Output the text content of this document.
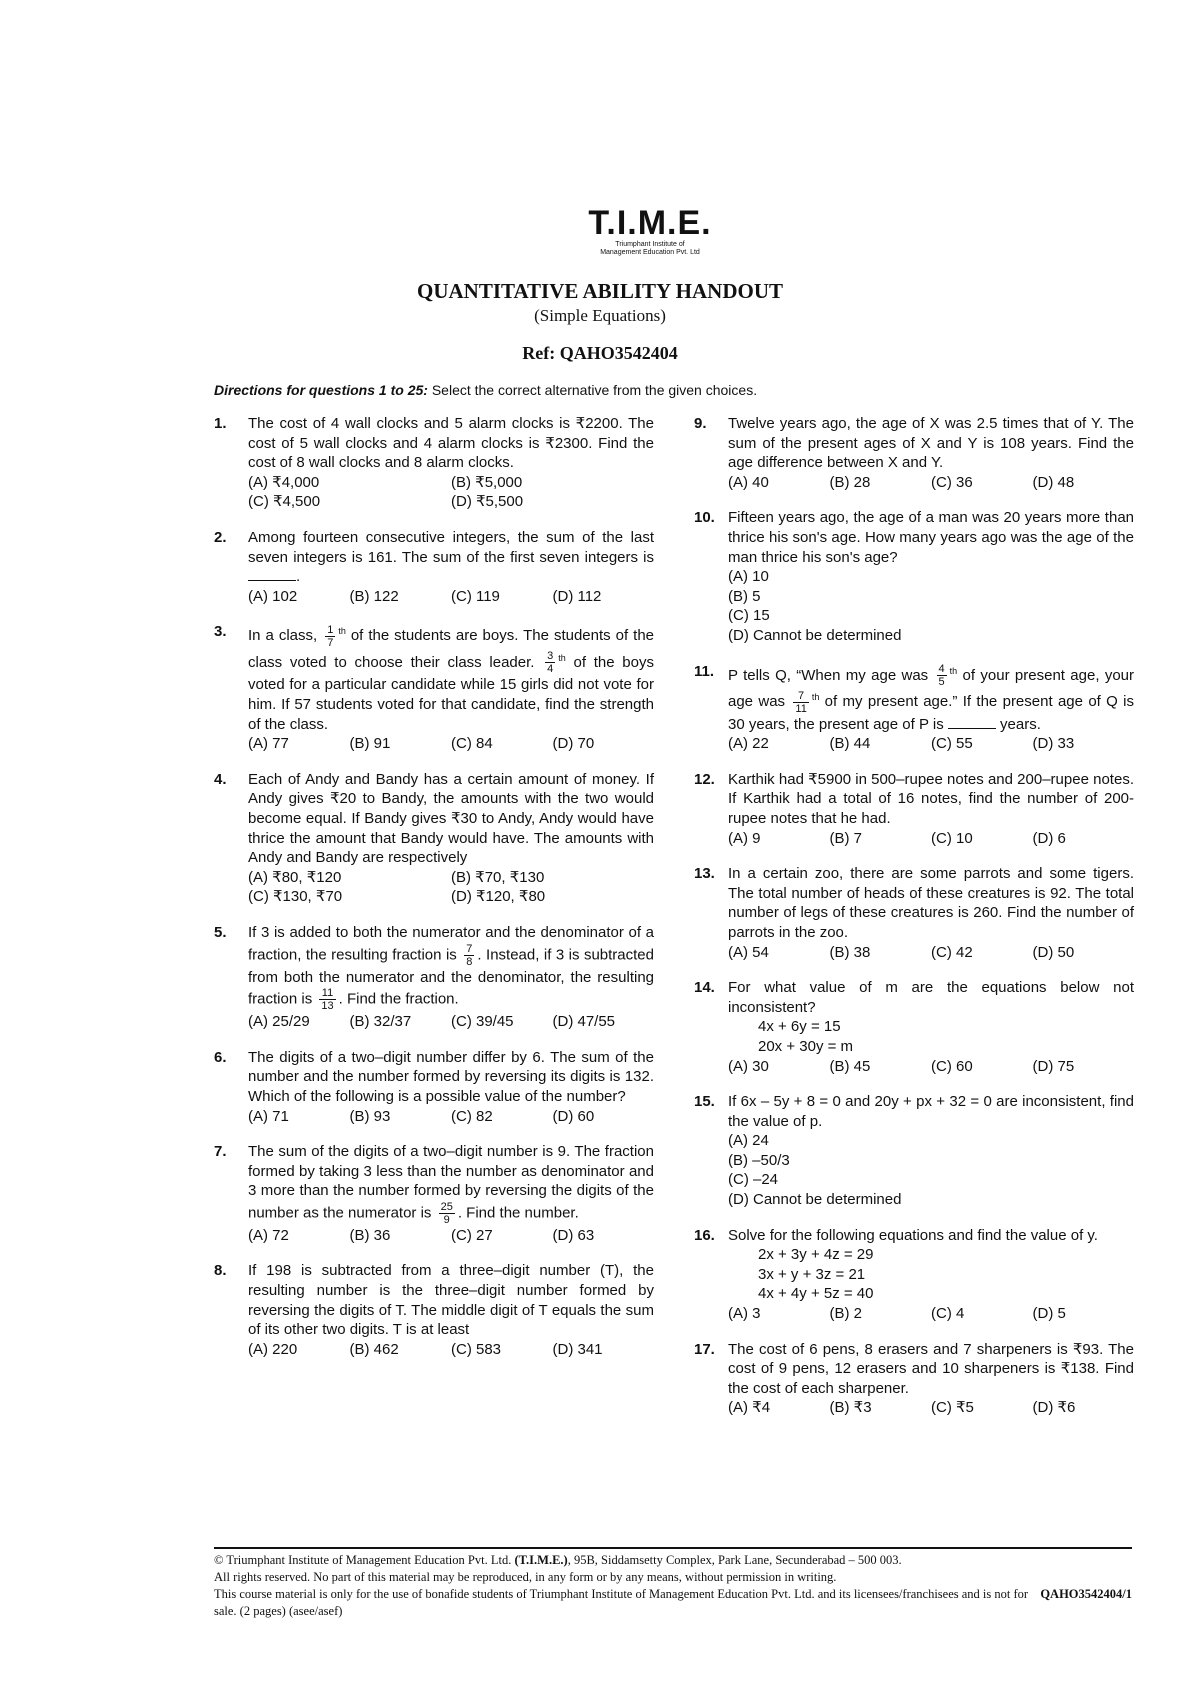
T.I.M.E.
Triumphant Institute of
Management Education Pvt. Ltd
QUANTITATIVE ABILITY HANDOUT
(Simple Equations)
Ref: QAHO3542404
Directions for questions 1 to 25: Select the correct alternative from the given choices.
1. The cost of 4 wall clocks and 5 alarm clocks is ₹2200. The cost of 5 wall clocks and 4 alarm clocks is ₹2300. Find the cost of 8 wall clocks and 8 alarm clocks.
(A) ₹4,000	(B) ₹5,000
(C) ₹4,500	(D) ₹5,500
2. Among fourteen consecutive integers, the sum of the last seven integers is 161. The sum of the first seven integers is .
(A) 102	(B) 122	(C) 119	(D) 112
3. In a class, $\frac{1}{7} ^{th}$ of the students are boys. The students of the class voted to choose their class leader. $\frac{3}{4} ^{th}$ of the boys voted for a particular candidate while 15 girls did not vote for him. If 57 students voted for that candidate, find the strength of the class.
(A) 77	(B) 91	(C) 84	(D) 70
4. Each of Andy and Bandy has a certain amount of money. If Andy gives ₹20 to Bandy, the amounts with the two would become equal. If Bandy gives ₹30 to Andy, Andy would have thrice the amount that Bandy would have. The amounts with Andy and Bandy are respectively
(A) ₹80, ₹120	(B) ₹70, ₹130
(C) ₹130, ₹70	(D) ₹120, ₹80
5. If 3 is added to both the numerator and the denominator of a fraction, the resulting fraction is $\frac{7}{8}$ . Instead, if 3 is subtracted from both the numerator and the denominator, the resulting fraction is $\frac{11}{13}$ . Find the fraction.
(A) 25/29	(B) 32/37	(C) 39/45	(D) 47/55
6. The digits of a two–digit number differ by 6. The sum of the number and the number formed by reversing its digits is 132. Which of the following is a possible value of the number?
(A) 71	(B) 93	(C) 82	(D) 60
7. The sum of the digits of a two–digit number is 9. The fraction formed by taking 3 less than the number as denominator and 3 more than the number formed by reversing the digits of the number as the numerator is $\frac{25}{9}$ . Find the number.
(A) 72	(B) 36	(C) 27	(D) 63
8. If 198 is subtracted from a three–digit number (T), the resulting number is the three–digit number formed by reversing the digits of T. The middle digit of T equals the sum of its other two digits. T is at least
(A) 220	(B) 462	(C) 583	(D) 341
9. Twelve years ago, the age of X was 2.5 times that of Y. The sum of the present ages of X and Y is 108 years. Find the age difference between X and Y.
(A) 40	(B) 28	(C) 36	(D) 48
10. Fifteen years ago, the age of a man was 20 years more than thrice his son's age. How many years ago was the age of the man thrice his son's age?
(A) 10
(B) 5
(C) 15
(D) Cannot be determined
11. P tells Q, “When my age was $\frac{4}{5} ^{th}$ of your present age, your age was $\frac{7}{11} ^{th}$ of my present age.” If the present age of Q is 30 years, the present age of P is	years.
(A) 22	(B) 44	(C) 55	(D) 33
12. Karthik had ₹5900 in 500–rupee notes and 200–rupee notes. If Karthik had a total of 16 notes, find the number of 200-rupee notes that he had.
(A) 9	(B) 7	(C) 10	(D) 6
13. In a certain zoo, there are some parrots and some tigers. The total number of heads of these creatures is 92. The total number of legs of these creatures is 260. Find the number of parrots in the zoo.
(A) 54	(B) 38	(C) 42	(D) 50
14. For what value of m are the equations below not inconsistent?
4x + 6y = 15
20x + 30y = m
(A) 30	(B) 45	(C) 60	(D) 75
15. If 6x – 5y + 8 = 0 and 20y + px + 32 = 0 are inconsistent, find the value of p.
(A) 24
(B) –50/3
(C) –24
(D) Cannot be determined
16. Solve for the following equations and find the value of y.
2x + 3y + 4z = 29
3x + y + 3z = 21
4x + 4y + 5z = 40
(A) 3	(B) 2	(C) 4	(D) 5
17. The cost of 6 pens, 8 erasers and 7 sharpeners is ₹93. The cost of 9 pens, 12 erasers and 10 sharpeners is ₹138. Find the cost of each sharpener.
(A) ₹4	(B) ₹3	(C) ₹5	(D) ₹6
© Triumphant Institute of Management Education Pvt. Ltd. (T.I.M.E.), 95B, Siddamsetty Complex, Park Lane, Secunderabad – 500 003.
All rights reserved. No part of this material may be reproduced, in any form or by any means, without permission in writing.
QAHO3542404/1
This course material is only for the use of bonafide students of Triumphant Institute of Management Education Pvt. Ltd. and its licensees/franchisees and is not for sale. (2 pages) (asee/asef)
